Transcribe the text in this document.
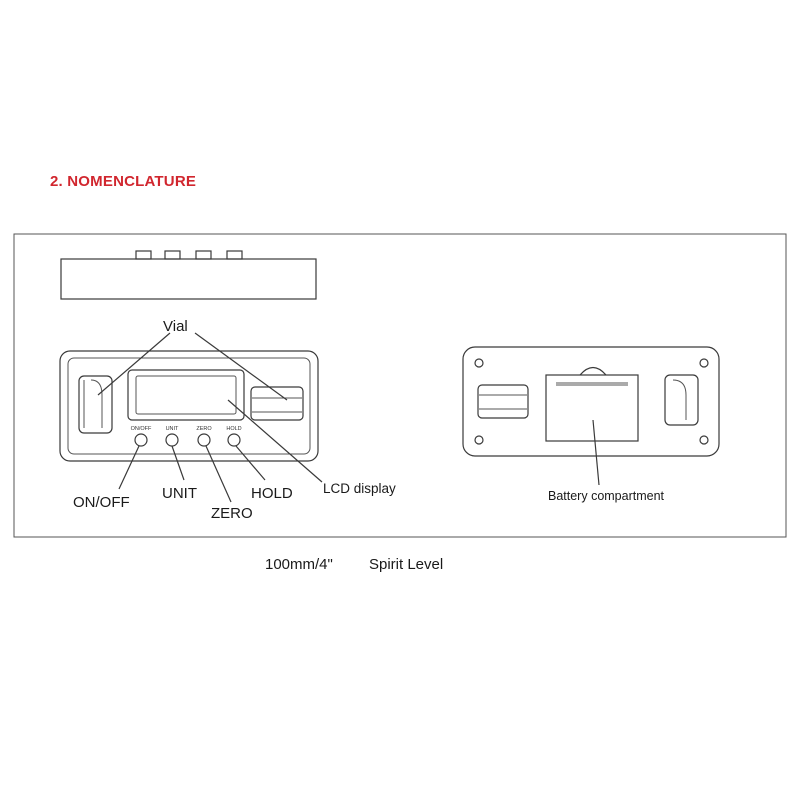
2. NOMENCLATURE
ON/OFF	UNIT	ZERO	HOLD
Vial
LCD display
ON/OFF
UNIT
ZERO
HOLD	Battery compartment
100mm/4" Spirit Level
